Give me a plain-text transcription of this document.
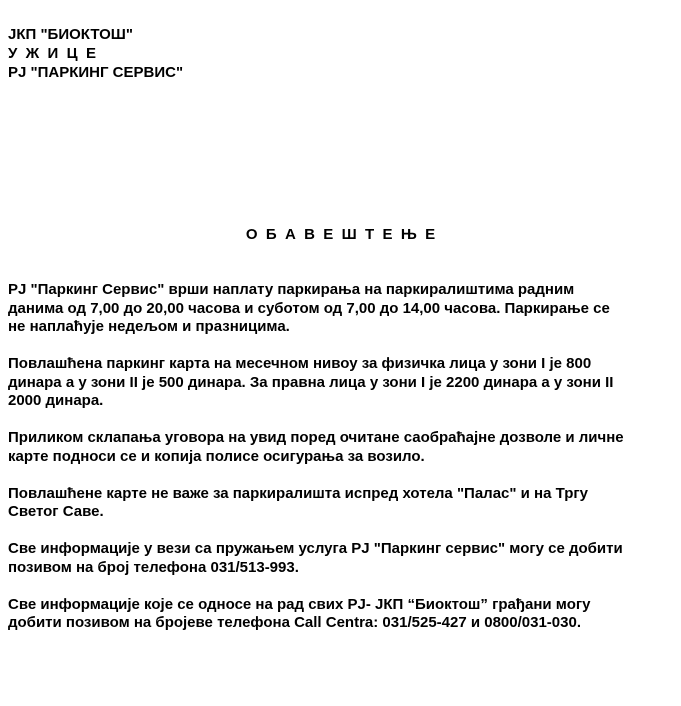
ЈКП "БИОКТОШ"
У  Ж  И  Ц  Е
РЈ "ПАРКИНГ СЕРВИС"
О  Б  А  В  Е  Ш  Т  Е  Њ  Е

РЈ "Паркинг Сервис" врши наплату паркирања на паркиралиштима радним
данима од 7,00 до 20,00 часова и суботом од 7,00 до 14,00 часова. Паркирање се
не наплаћује недељом и празницима.

Повлашћена паркинг карта на месечном нивоу за физичка лица у зони I је 800
динара а у зони II је 500 динара. За правна лица у зони I је 2200 динара а у зони II
2000 динара.

Приликом склапања уговора на увид поред очитане саобраћајне дозволе и личне
карте подноси се и копија полисе осигурања за возило.

Повлашћене карте не важе за паркиралишта испред хотела "Палас" и на Тргу
Светог Саве.

Све информације у вези са пружањем услуга РЈ "Паркинг сервис" могу се добити
позивом на број телефона 031/513-993.

Све информације које се односе на рад свих РЈ- ЈКП “Биоктош” грађани могу
добити позивом на бројеве телефона Call Centra: 031/525-427 и 0800/031-030.
